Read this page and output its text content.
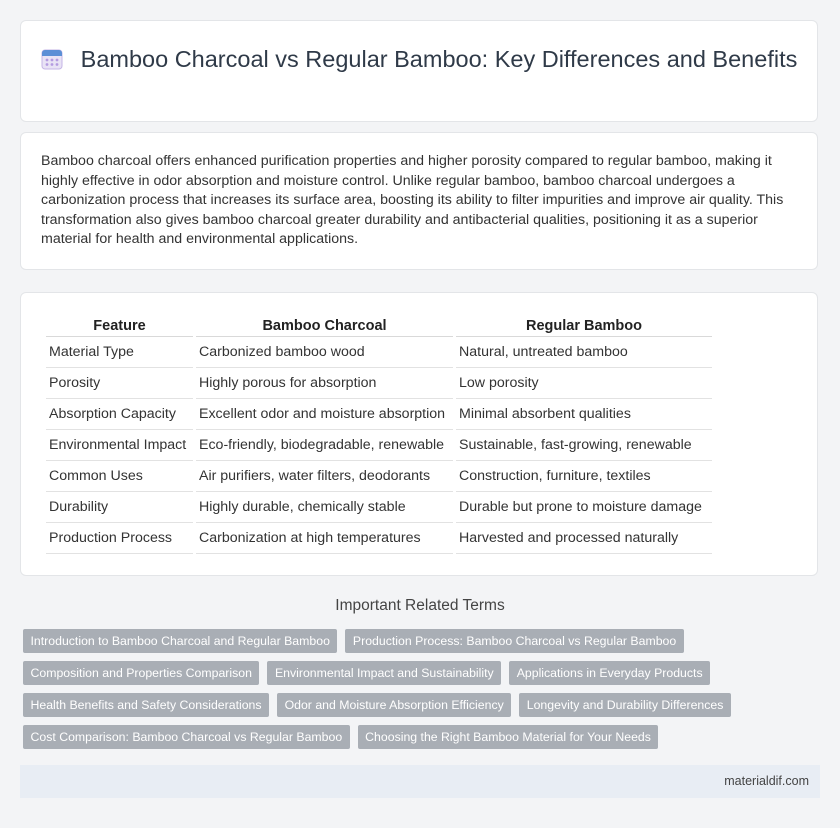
Bamboo Charcoal vs Regular Bamboo: Key Differences and Benefits

Bamboo charcoal offers enhanced purification properties and higher porosity compared to regular bamboo, making it highly effective in odor absorption and moisture control. Unlike regular bamboo, bamboo charcoal undergoes a carbonization process that increases its surface area, boosting its ability to filter impurities and improve air quality. This transformation also gives bamboo charcoal greater durability and antibacterial qualities, positioning it as a superior material for health and environmental applications.

Feature	Bamboo Charcoal	Regular Bamboo
Material Type	Carbonized bamboo wood	Natural, untreated bamboo
Porosity	Highly porous for absorption	Low porosity
Absorption Capacity	Excellent odor and moisture absorption	Minimal absorbent qualities
Environmental Impact	Eco-friendly, biodegradable, renewable	Sustainable, fast-growing, renewable
Common Uses	Air purifiers, water filters, deodorants	Construction, furniture, textiles
Durability	Highly durable, chemically stable	Durable but prone to moisture damage
Production Process	Carbonization at high temperatures	Harvested and processed naturally
Important Related Terms
Introduction to Bamboo Charcoal and Regular Bamboo	Production Process: Bamboo Charcoal vs Regular Bamboo
Composition and Properties Comparison	Environmental Impact and Sustainability	Applications in Everyday Products
Health Benefits and Safety Considerations	Odor and Moisture Absorption Efficiency	Longevity and Durability Differences
Cost Comparison: Bamboo Charcoal vs Regular Bamboo	Choosing the Right Bamboo Material for Your Needs
materialdif.com
